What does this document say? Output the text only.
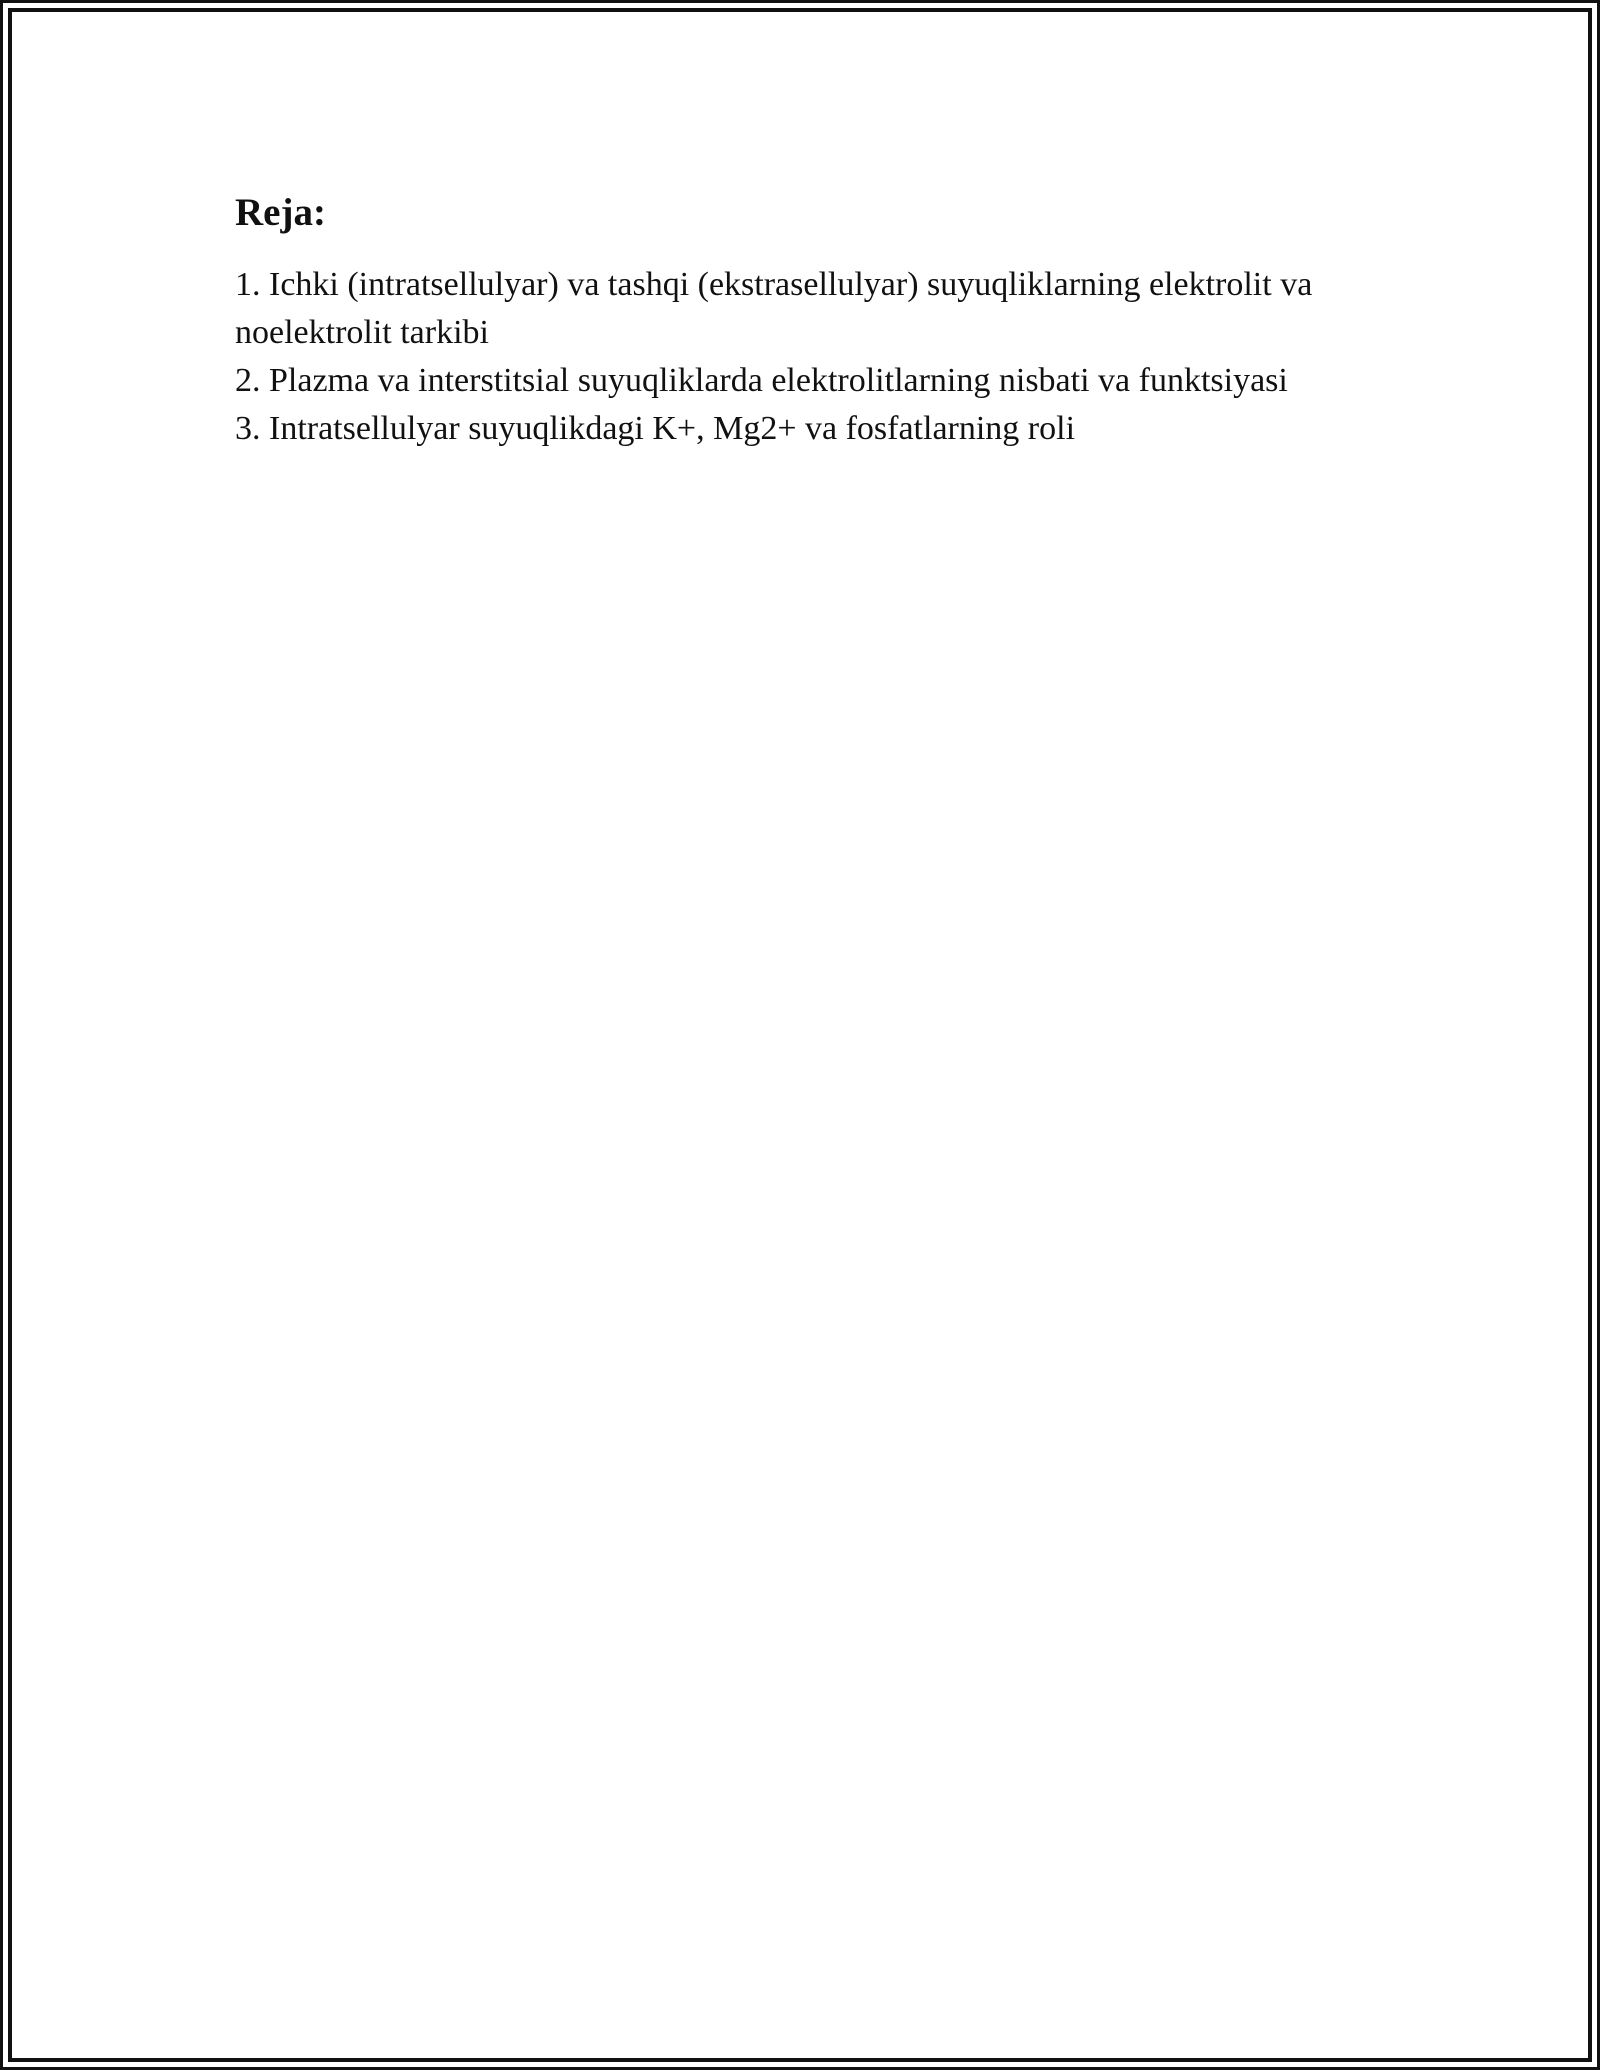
Reja:
1. Ichki (intratsellulyar) va tashqi (ekstrasellulyar) suyuqliklarning elektrolit va noelektrolit tarkibi
2. Plazma va interstitsial suyuqliklarda elektrolitlarning nisbati va funktsiyasi
3. Intratsellulyar suyuqlikdagi K+, Mg2+ va fosfatlarning roli
